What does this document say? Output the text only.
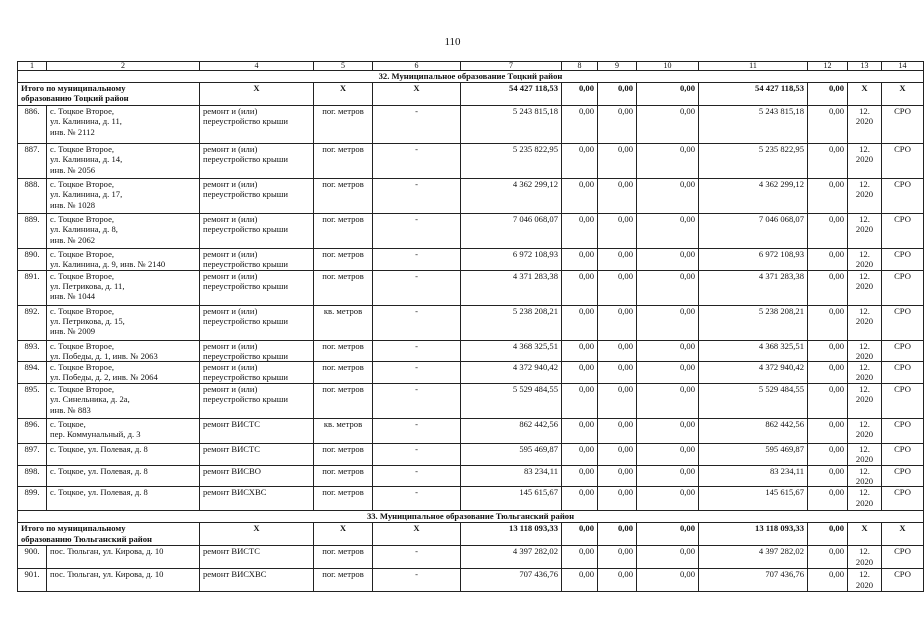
110
1	2	4	5	6	7	8	9	10	11	12	13	14
32. Муниципальное образование Тоцкий район												
Итого по муниципальному
образованию Тоцкий район		X	X	X	54 427 118,53	0,00	0,00	0,00	54 427 118,53	0,00	X	X
886.	с. Тоцкое Второе,
ул. Калинина, д. 11,
инв. № 2112	ремонт и (или)
переустройство крыши	пог. метров	-	5 243 815,18	0,00	0,00	0,00	5 243 815,18	0,00	12.
2020	СРО
887.	с. Тоцкое Второе,
ул. Калинина, д. 14,
инв. № 2056	ремонт и (или)
переустройство крыши	пог. метров	-	5 235 822,95	0,00	0,00	0,00	5 235 822,95	0,00	12.
2020	СРО
888.	с. Тоцкое Второе,
ул. Калинина, д. 17,
инв. № 1028	ремонт и (или)
переустройство крыши	пог. метров	-	4 362 299,12	0,00	0,00	0,00	4 362 299,12	0,00	12.
2020	СРО
889.	с. Тоцкое Второе,
ул. Калинина, д. 8,
инв. № 2062	ремонт и (или)
переустройство крыши	пог. метров	-	7 046 068,07	0,00	0,00	0,00	7 046 068,07	0,00	12.
2020	СРО
890.	с. Тоцкое Второе,
ул. Калинина, д. 9, инв. № 2140	ремонт и (или)
переустройство крыши	пог. метров	-	6 972 108,93	0,00	0,00	0,00	6 972 108,93	0,00	12.
2020	СРО
891.	с. Тоцкое Второе,
ул. Петрикова, д. 11,
инв. № 1044	ремонт и (или)
переустройство крыши	пог. метров	-	4 371 283,38	0,00	0,00	0,00	4 371 283,38	0,00	12.
2020	СРО
892.	с. Тоцкое Второе,
ул. Петрикова, д. 15,
инв. № 2009	ремонт и (или)
переустройство крыши	кв. метров	-	5 238 208,21	0,00	0,00	0,00	5 238 208,21	0,00	12.
2020	СРО
893.	с. Тоцкое Второе,
ул. Победы, д. 1, инв. № 2063	ремонт и (или)
переустройство крыши	пог. метров	-	4 368 325,51	0,00	0,00	0,00	4 368 325,51	0,00	12.
2020	СРО
894.	с. Тоцкое Второе,
ул. Победы, д. 2, инв. № 2064	ремонт и (или)
переустройство крыши	пог. метров	-	4 372 940,42	0,00	0,00	0,00	4 372 940,42	0,00	12.
2020	СРО
895.	с. Тоцкое Второе,
ул. Синельника, д. 2а,
инв. № 883	ремонт и (или)
переустройство крыши	пог. метров	-	5 529 484,55	0,00	0,00	0,00	5 529 484,55	0,00	12.
2020	СРО
896.	с. Тоцкое,
пер. Коммунальный, д. 3	ремонт ВИСТС	кв. метров	-	862 442,56	0,00	0,00	0,00	862 442,56	0,00	12.
2020	СРО
897.	с. Тоцкое, ул. Полевая, д. 8	ремонт ВИСТС	пог. метров	-	595 469,87	0,00	0,00	0,00	595 469,87	0,00	12.
2020	СРО
898.	с. Тоцкое, ул. Полевая, д. 8	ремонт ВИСВО	пог. метров	-	83 234,11	0,00	0,00	0,00	83 234,11	0,00	12.
2020	СРО
899.	с. Тоцкое, ул. Полевая, д. 8	ремонт ВИСХВС	пог. метров	-	145 615,67	0,00	0,00	0,00	145 615,67	0,00	12.
2020	СРО
33. Муниципальное образование Тюльганский район												
Итого по муниципальному
образованию Тюльганский район		X	X	X	13 118 093,33	0,00	0,00	0,00	13 118 093,33	0,00	X	X
900.	пос. Тюльган, ул. Кирова, д. 10	ремонт ВИСТС	пог. метров	-	4 397 282,02	0,00	0,00	0,00	4 397 282,02	0,00	12.
2020	СРО
901.	пос. Тюльган, ул. Кирова, д. 10	ремонт ВИСХВС	пог. метров	-	707 436,76	0,00	0,00	0,00	707 436,76	0,00	12.
2020	СРО
